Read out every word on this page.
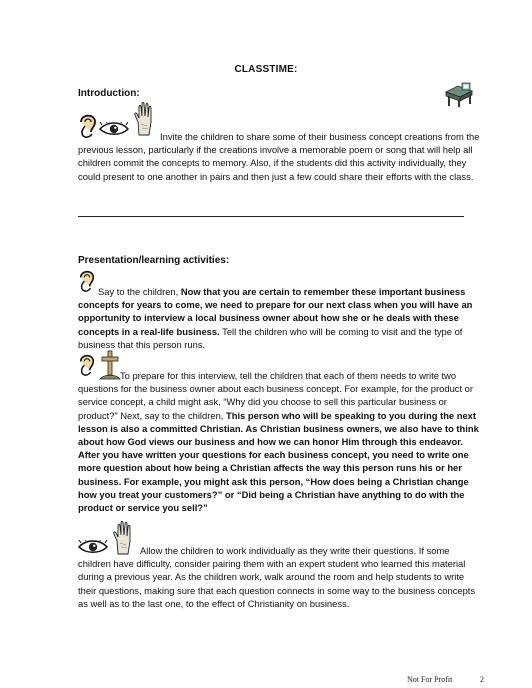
CLASSTIME:
Introduction:
Invite the children to share some of their business concept creations from the previous lesson, particularly if the creations involve a memorable poem or song that will help all children commit the concepts to memory. Also, if the students did this activity individually, they could present to one another in pairs and then just a few could share their efforts with the class.
Presentation/learning activities:
Say to the children, Now that you are certain to remember these important business concepts for years to come, we need to prepare for our next class when you will have an opportunity to interview a local business owner about how she or he deals with these concepts in a real-life business. Tell the children who will be coming to visit and the type of business that this person runs.
To prepare for this interview, tell the children that each of them needs to write two questions for the business owner about each business concept. For example, for the product or service concept, a child might ask, “Why did you choose to sell this particular business or product?” Next, say to the children, This person who will be speaking to you during the next lesson is also a committed Christian. As Christian business owners, we also have to think about how God views our business and how we can honor Him through this endeavor. After you have written your questions for each business concept, you need to write one more question about how being a Christian affects the way this person runs his or her business. For example, you might ask this person, “How does being a Christian change how you treat your customers?” or “Did being a Christian have anything to do with the product or service you sell?”
Allow the children to work individually as they write their questions. If some children have difficulty, consider pairing them with an expert student who learned this material during a previous year. As the children work, walk around the room and help students to write their questions, making sure that each question connects in some way to the business concepts as well as to the last one, to the effect of Christianity on business.
Not For Profit	2
